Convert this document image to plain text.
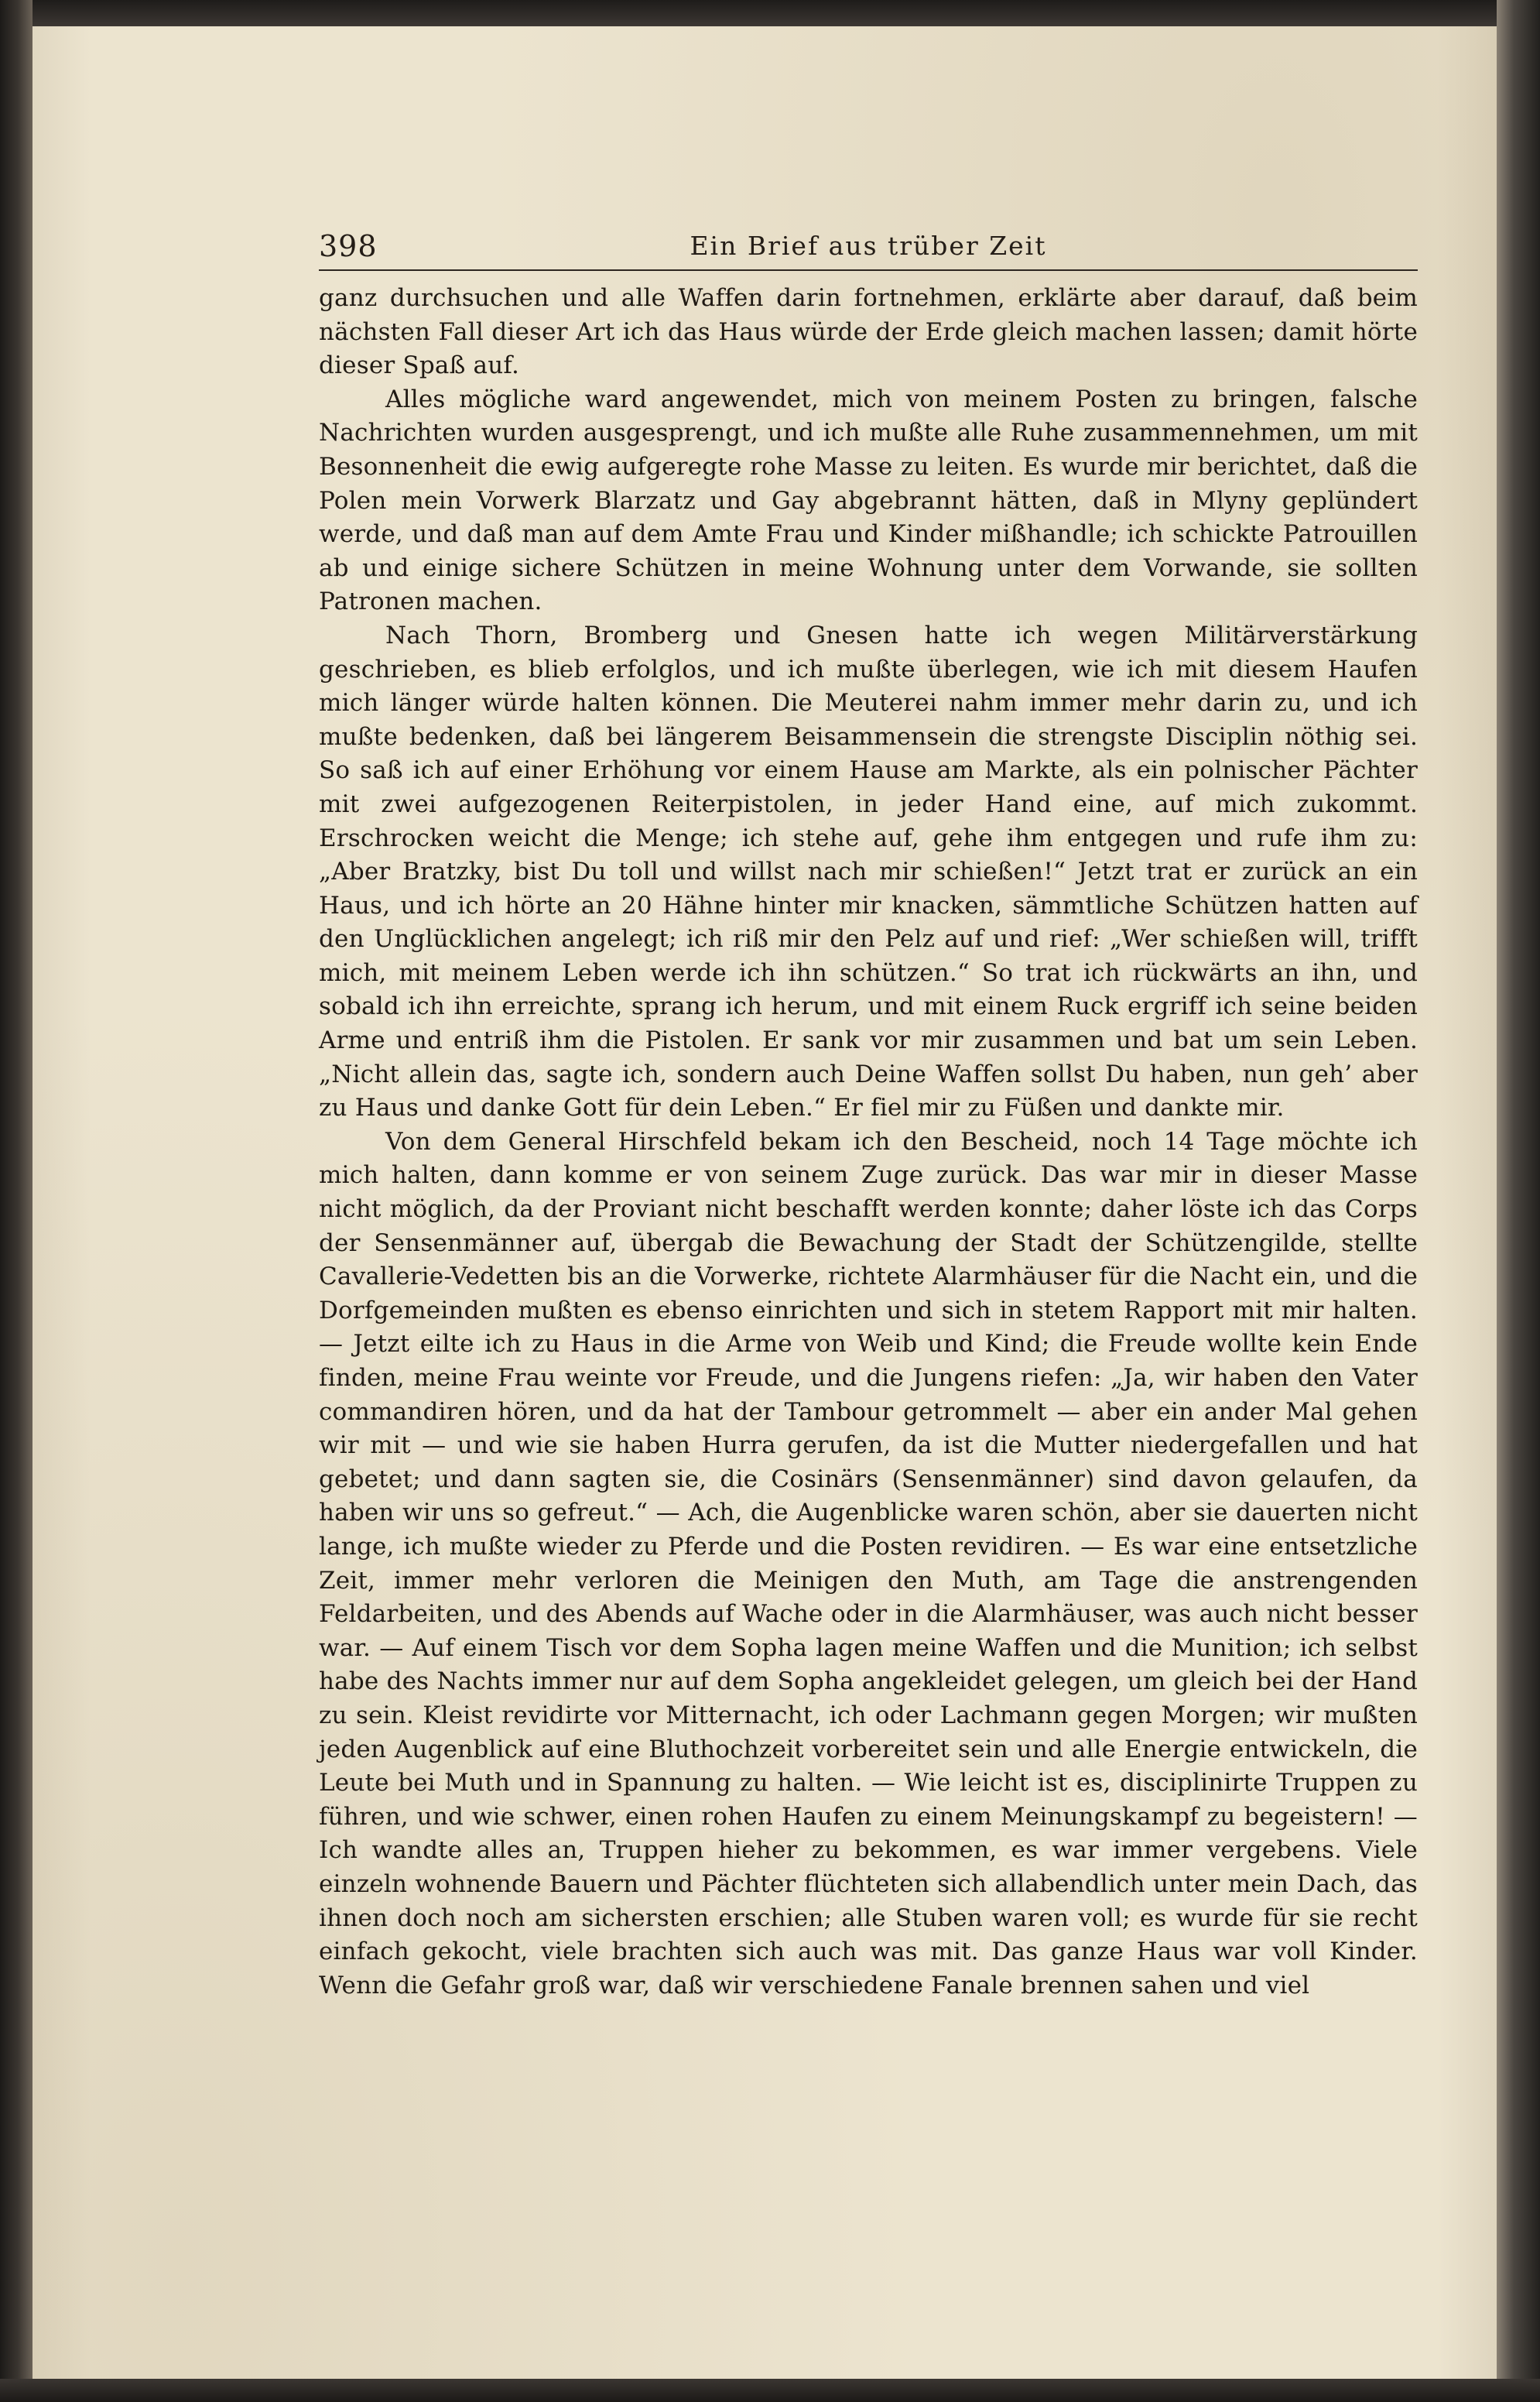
398	Ein Brief aus trüber Zeit

ganz durchsuchen und alle Waffen darin fortnehmen, erklärte aber darauf, daß beim nächsten Fall dieser Art ich das Haus würde der Erde gleich machen lassen; damit hörte dieser Spaß auf.

Alles mögliche ward angewendet, mich von meinem Posten zu bringen, falsche Nachrichten wurden ausgesprengt, und ich mußte alle Ruhe zusammennehmen, um mit Besonnenheit die ewig aufgeregte rohe Masse zu leiten. Es wurde mir berichtet, daß die Polen mein Vorwerk Blarzatz und Gay abgebrannt hätten, daß in Mlyny geplündert werde, und daß man auf dem Amte Frau und Kinder mißhandle; ich schickte Patrouillen ab und einige sichere Schützen in meine Wohnung unter dem Vorwande, sie sollten Patronen machen.

Nach Thorn, Bromberg und Gnesen hatte ich wegen Militärverstärkung geschrieben, es blieb erfolglos, und ich mußte überlegen, wie ich mit diesem Haufen mich länger würde halten können. Die Meuterei nahm immer mehr darin zu, und ich mußte bedenken, daß bei längerem Beisammensein die strengste Disciplin nöthig sei. So saß ich auf einer Erhöhung vor einem Hause am Markte, als ein polnischer Pächter mit zwei aufgezogenen Reiterpistolen, in jeder Hand eine, auf mich zukommt. Erschrocken weicht die Menge; ich stehe auf, gehe ihm entgegen und rufe ihm zu: „Aber Bratzky, bist Du toll und willst nach mir schießen!“ Jetzt trat er zurück an ein Haus, und ich hörte an 20 Hähne hinter mir knacken, sämmtliche Schützen hatten auf den Unglücklichen angelegt; ich riß mir den Pelz auf und rief: „Wer schießen will, trifft mich, mit meinem Leben werde ich ihn schützen.“ So trat ich rückwärts an ihn, und sobald ich ihn erreichte, sprang ich herum, und mit einem Ruck ergriff ich seine beiden Arme und entriß ihm die Pistolen. Er sank vor mir zusammen und bat um sein Leben. „Nicht allein das, sagte ich, sondern auch Deine Waffen sollst Du haben, nun geh’ aber zu Haus und danke Gott für dein Leben.“ Er fiel mir zu Füßen und dankte mir.

Von dem General Hirschfeld bekam ich den Bescheid, noch 14 Tage möchte ich mich halten, dann komme er von seinem Zuge zurück. Das war mir in dieser Masse nicht möglich, da der Proviant nicht beschafft werden konnte; daher löste ich das Corps der Sensenmänner auf, übergab die Bewachung der Stadt der Schützengilde, stellte Cavallerie-Vedetten bis an die Vorwerke, richtete Alarmhäuser für die Nacht ein, und die Dorfgemeinden mußten es ebenso einrichten und sich in stetem Rapport mit mir halten. — Jetzt eilte ich zu Haus in die Arme von Weib und Kind; die Freude wollte kein Ende finden, meine Frau weinte vor Freude, und die Jungens riefen: „Ja, wir haben den Vater commandiren hören, und da hat der Tambour getrommelt — aber ein ander Mal gehen wir mit — und wie sie haben Hurra gerufen, da ist die Mutter niedergefallen und hat gebetet; und dann sagten sie, die Cosinärs (Sensenmänner) sind davon gelaufen, da haben wir uns so gefreut.“ — Ach, die Augenblicke waren schön, aber sie dauerten nicht lange, ich mußte wieder zu Pferde und die Posten revidiren. — Es war eine entsetzliche Zeit, immer mehr verloren die Meinigen den Muth, am Tage die anstrengenden Feldarbeiten, und des Abends auf Wache oder in die Alarmhäuser, was auch nicht besser war. — Auf einem Tisch vor dem Sopha lagen meine Waffen und die Munition; ich selbst habe des Nachts immer nur auf dem Sopha angekleidet gelegen, um gleich bei der Hand zu sein. Kleist revidirte vor Mitternacht, ich oder Lachmann gegen Morgen; wir mußten jeden Augenblick auf eine Bluthochzeit vorbereitet sein und alle Energie entwickeln, die Leute bei Muth und in Spannung zu halten. — Wie leicht ist es, disciplinirte Truppen zu führen, und wie schwer, einen rohen Haufen zu einem Meinungskampf zu begeistern! — Ich wandte alles an, Truppen hieher zu bekommen, es war immer vergebens. Viele einzeln wohnende Bauern und Pächter flüchteten sich allabendlich unter mein Dach, das ihnen doch noch am sichersten erschien; alle Stuben waren voll; es wurde für sie recht einfach gekocht, viele brachten sich auch was mit. Das ganze Haus war voll Kinder. Wenn die Gefahr groß war, daß wir verschiedene Fanale brennen sahen und viel
